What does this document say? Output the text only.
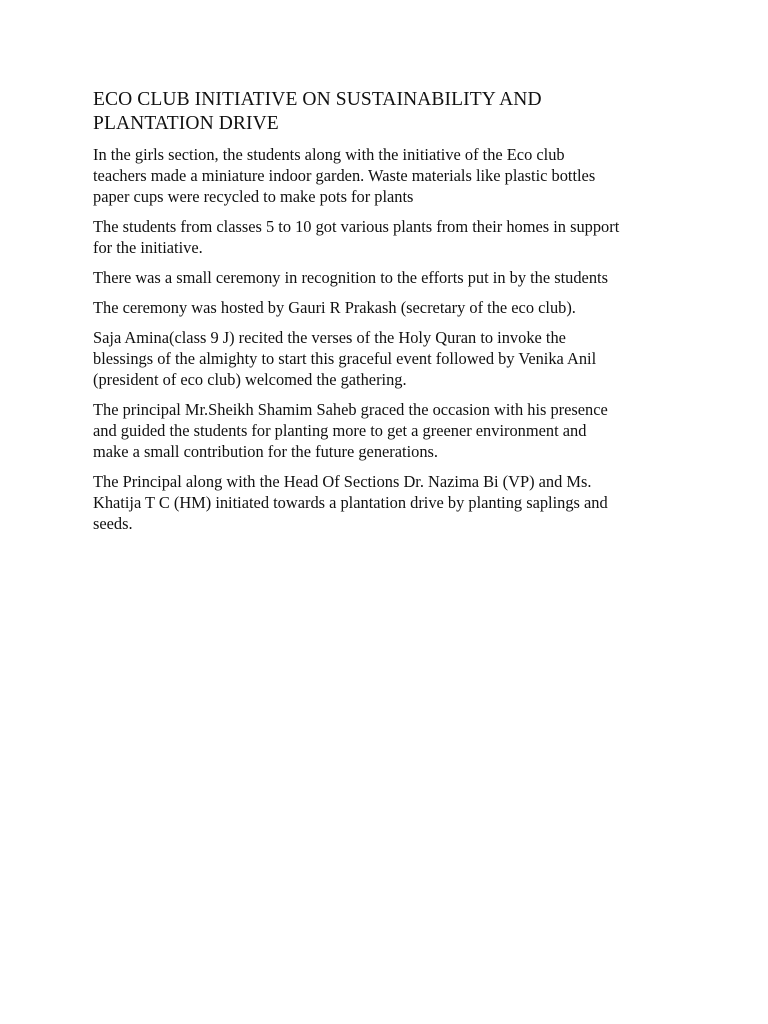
ECO CLUB INITIATIVE ON SUSTAINABILITY AND
PLANTATION DRIVE

In the girls section, the students along with the initiative of the Eco club
teachers made a miniature indoor garden. Waste materials like plastic bottles
paper cups were recycled to make pots for plants

The students from classes 5 to 10 got various plants from their homes in support
for the initiative.

There was a small ceremony in recognition to the efforts put in by the students

The ceremony was hosted by Gauri R Prakash (secretary of the eco club).

Saja Amina(class 9 J) recited the verses of the Holy Quran to invoke the
blessings of the almighty to start this graceful event followed by Venika Anil
(president of eco club) welcomed the gathering.

The principal Mr.Sheikh Shamim Saheb graced the occasion with his presence
and guided the students for planting more to get a greener environment and
make a small contribution for the future generations.

The Principal along with the Head Of Sections Dr. Nazima Bi (VP) and Ms.
Khatija T C (HM) initiated towards a plantation drive by planting saplings and
seeds.
